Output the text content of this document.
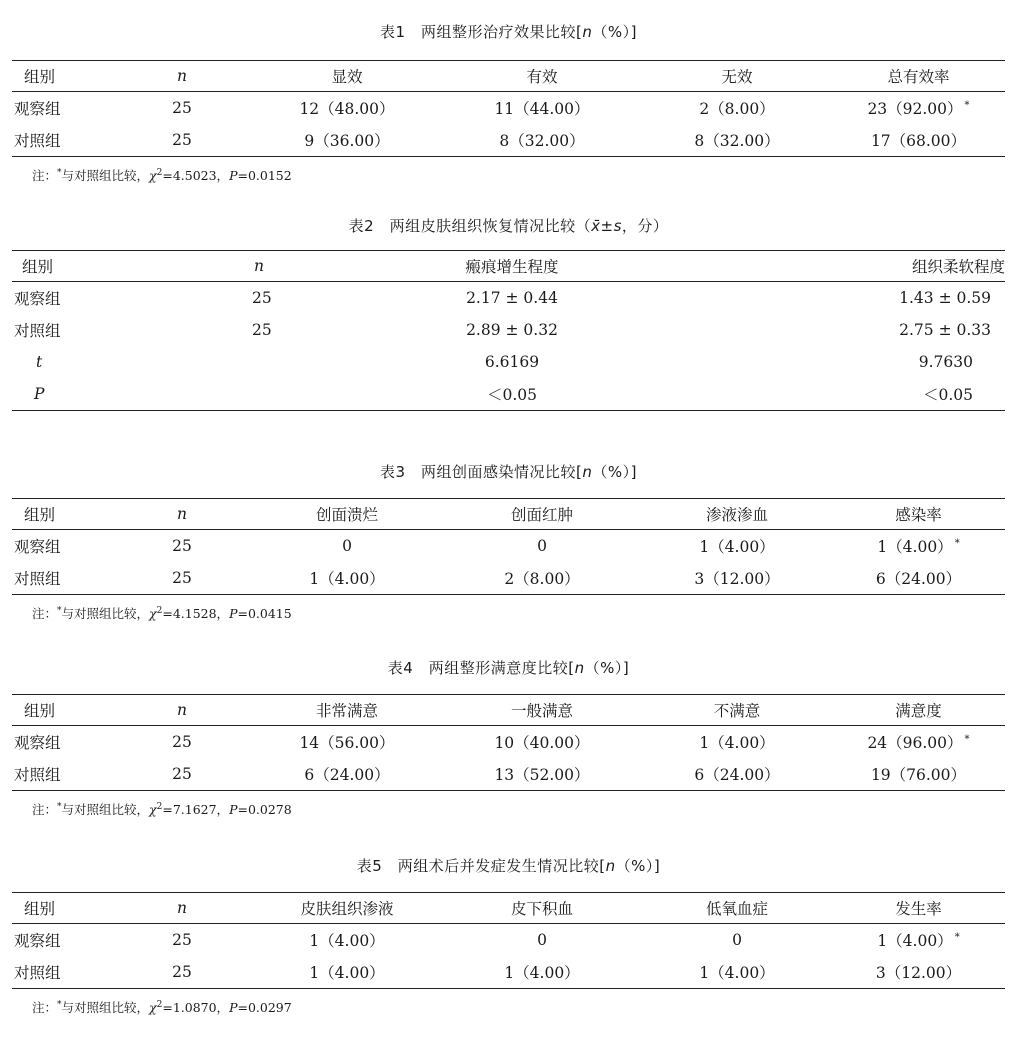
表1　两组整形治疗效果比较[n（%）]
组别	n	显效	有效	无效	总有效率
观察组	25	12（48.00）	11（44.00）	2（8.00）	23（92.00） *
对照组	25	9（36.00）	8（32.00）	8（32.00）	17（68.00）
注：*与对照组比较，$\chi^2=4.5023$，P=0.0152
表2　两组皮肤组织恢复情况比较（x̄±s，分）
组别	n	瘢痕增生程度	组织柔软程度
观察组	25	2.17 ± 0.44	1.43 ± 0.59
对照组	25	2.89 ± 0.32	2.75 ± 0.33
t		6.6169	9.7630
P		＜0.05	＜0.05
表3　两组创面感染情况比较[n（%）]
组别	n	创面溃烂	创面红肿	渗液渗血	感染率
观察组	25	0	0	1（4.00）	1（4.00） *
对照组	25	1（4.00）	2（8.00）	3（12.00）	6（24.00）
注：*与对照组比较，$\chi^2=4.1528$，P=0.0415
表4　两组整形满意度比较[n（%）]
组别	n	非常满意	一般满意	不满意	满意度
观察组	25	14（56.00）	10（40.00）	1（4.00）	24（96.00） *
对照组	25	6（24.00）	13（52.00）	6（24.00）	19（76.00）
注：*与对照组比较，$\chi^2=7.1627$，P=0.0278
表5　两组术后并发症发生情况比较[n（%）]
组别	n	皮肤组织渗液	皮下积血	低氧血症	发生率
观察组	25	1（4.00）	0	0	1（4.00） *
对照组	25	1（4.00）	1（4.00）	1（4.00）	3（12.00）
注：*与对照组比较，$\chi^2=1.0870$，P=0.0297
